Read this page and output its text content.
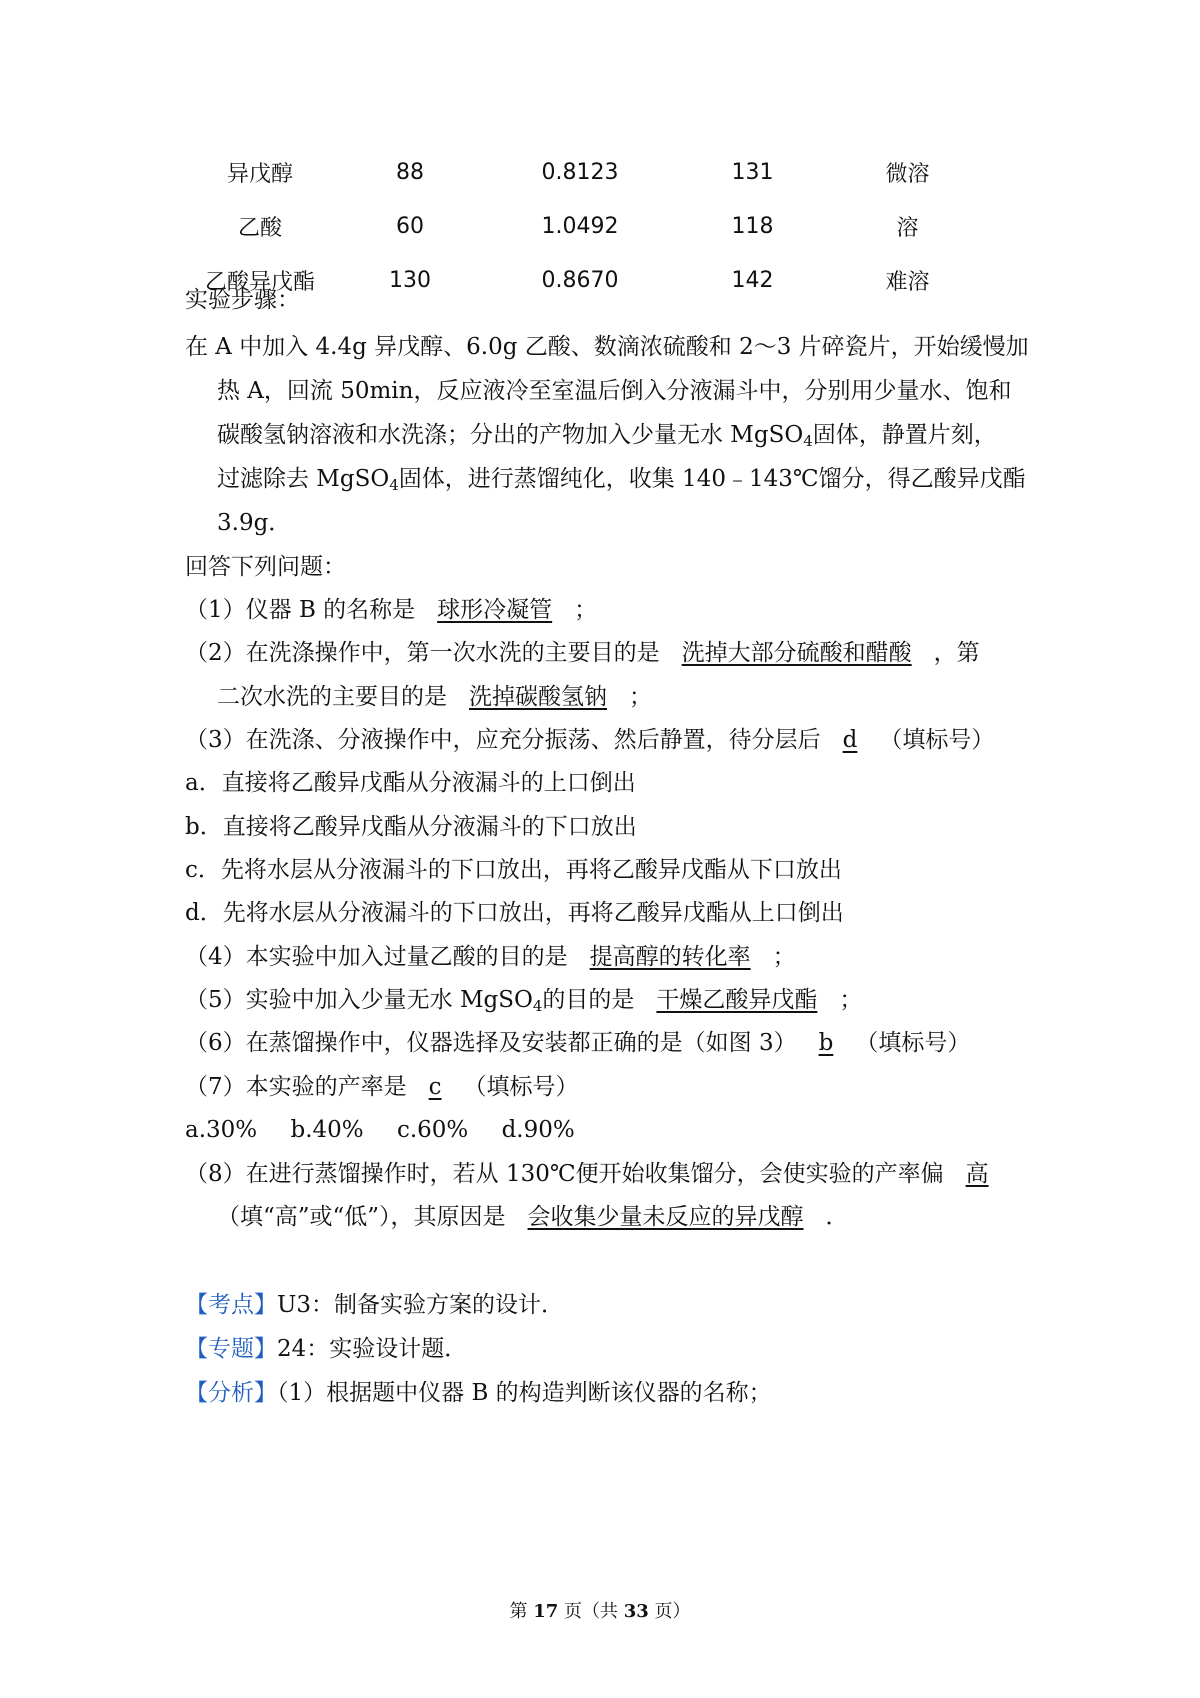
异戊醇	88	0.8123	131	微溶
乙酸	60	1.0492	118	溶
乙酸异戊酯	130	0.8670	142	难溶
实验步骤：
在 A 中加入 4.4g 异戊醇、6.0g 乙酸、数滴浓硫酸和 2～3 片碎瓷片，开始缓慢加
热 A，回流 50min，反应液冷至室温后倒入分液漏斗中，分别用少量水、饱和
碳酸氢钠溶液和水洗涤；分出的产物加入少量无水 MgSO$_4$固体，静置片刻，
过滤除去 MgSO$_4$固体，进行蒸馏纯化，收集 140﹣143℃馏分，得乙酸异戊酯
3.9g．
回答下列问题：
（1）仪器 B 的名称是 球形冷凝管 ；
（2）在洗涤操作中，第一次水洗的主要目的是 洗掉大部分硫酸和醋酸 ，第
二次水洗的主要目的是 洗掉碳酸氢钠 ；
（3）在洗涤、分液操作中，应充分振荡、然后静置，待分层后 d （填标号）
a．直接将乙酸异戊酯从分液漏斗的上口倒出
b．直接将乙酸异戊酯从分液漏斗的下口放出
c．先将水层从分液漏斗的下口放出，再将乙酸异戊酯从下口放出
d．先将水层从分液漏斗的下口放出，再将乙酸异戊酯从上口倒出
（4）本实验中加入过量乙酸的目的是 提高醇的转化率 ；
（5）实验中加入少量无水 MgSO$_4$的目的是 干燥乙酸异戊酯 ；
（6）在蒸馏操作中，仪器选择及安装都正确的是（如图 3） b （填标号）
（7）本实验的产率是 c （填标号）
a.30% b.40% c.60% d.90%
（8）在进行蒸馏操作时，若从 130℃便开始收集馏分，会使实验的产率偏 高
（填“高”或“低”），其原因是 会收集少量未反应的异戊醇 ．
【考点】U3：制备实验方案的设计．
【专题】24：实验设计题．
【分析】（1）根据题中仪器 B 的构造判断该仪器的名称；
第 17 页（共 33 页）
